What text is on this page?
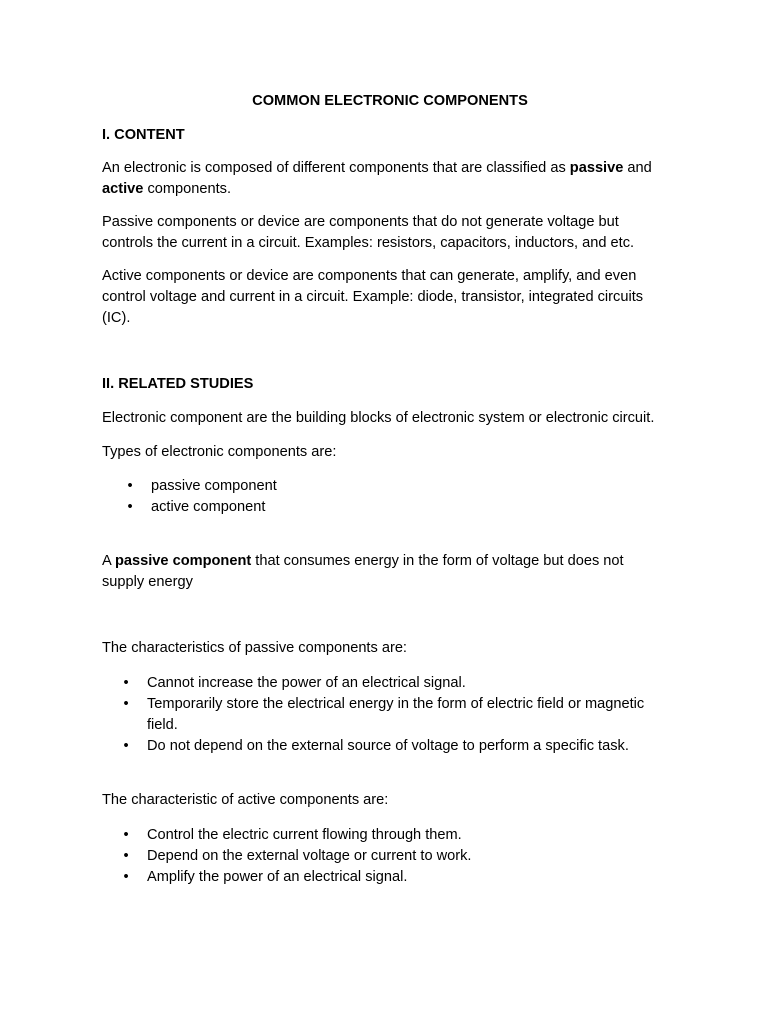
COMMON ELECTRONIC COMPONENTS

I. CONTENT

An electronic is composed of different components that are classified as passive and

active components.

Passive components or device are components that do not generate voltage but

controls the current in a circuit. Examples: resistors, capacitors, inductors, and etc.

Active components or device are components that can generate, amplify, and even

control voltage and current in a circuit. Example: diode, transistor, integrated circuits

(IC).

II. RELATED STUDIES

Electronic component are the building blocks of electronic system or electronic circuit.

Types of electronic components are:

• passive component
• active component

A passive component that consumes energy in the form of voltage but does not

supply energy

The characteristics of passive components are:

• Cannot increase the power of an electrical signal.
• Temporarily store the electrical energy in the form of electric field or magnetic
field.
• Do not depend on the external source of voltage to perform a specific task.

The characteristic of active components are:

• Control the electric current flowing through them.
• Depend on the external voltage or current to work.
• Amplify the power of an electrical signal.
